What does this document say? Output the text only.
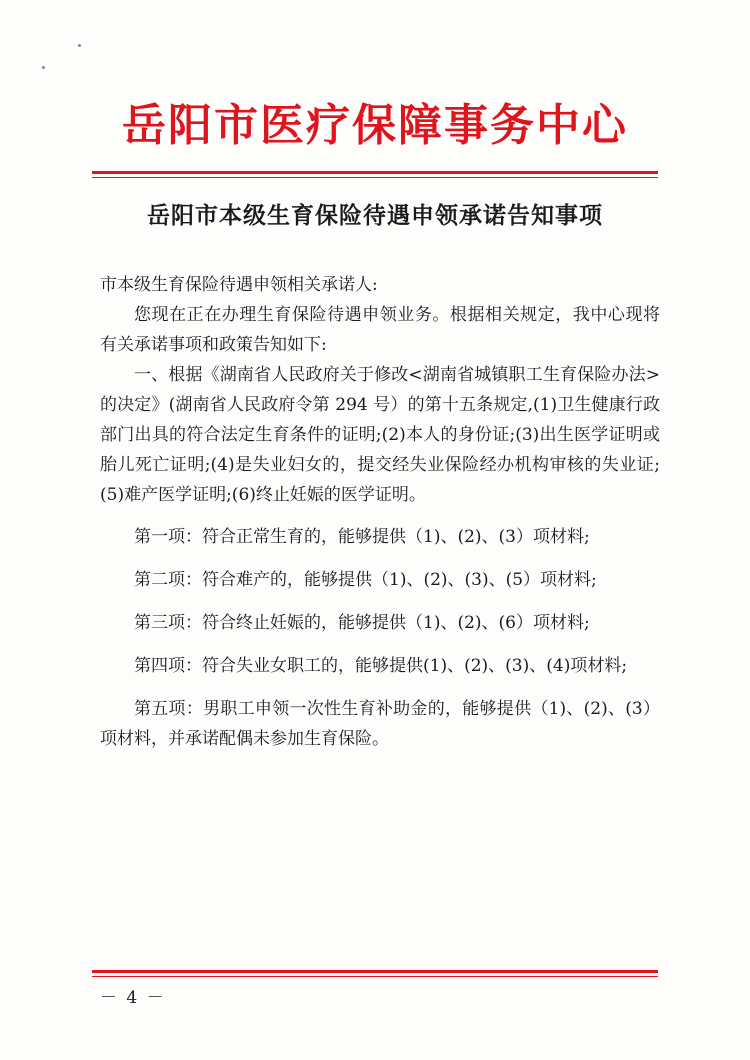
岳阳市医疗保障事务中心
岳阳市本级生育保险待遇申领承诺告知事项

市本级生育保险待遇申领相关承诺人:

您现在正在办理生育保险待遇申领业务。根据相关规定，我中心现将有关承诺事项和政策告知如下:

一、根据《湖南省人民政府关于修改<湖南省城镇职工生育保险办法>的决定》(湖南省人民政府令第 294 号）的第十五条规定,(1)卫生健康行政部门出具的符合法定生育条件的证明;(2)本人的身份证;(3)出生医学证明或胎儿死亡证明;(4)是失业妇女的，提交经失业保险经办机构审核的失业证;(5)难产医学证明;(6)终止妊娠的医学证明。

第一项：符合正常生育的，能够提供（1)、(2)、(3）项材料;

第二项：符合难产的，能够提供（1)、(2)、(3)、(5）项材料;

第三项：符合终止妊娠的，能够提供（1)、(2)、(6）项材料;

第四项：符合失业女职工的，能够提供(1)、(2)、(3)、(4)项材料;

第五项：男职工申领一次性生育补助金的，能够提供（1)、(2)、(3）项材料，并承诺配偶未参加生育保险。

－ 4 －
